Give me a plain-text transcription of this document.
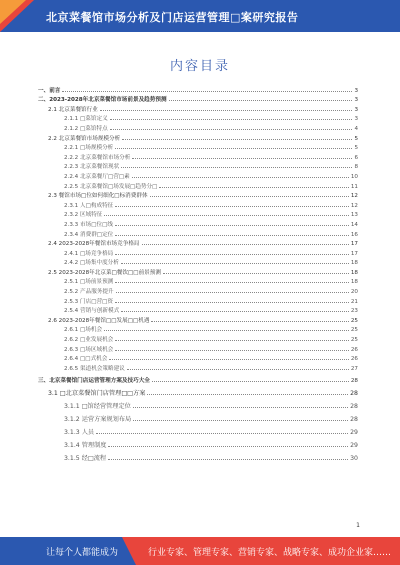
北京菜餐馆市场分析及门店运营管理□案研究报告
内容目录
一、前言	3
二、2023-2028年北京菜餐馆市场前景及趋势预测	3
2.1 北京菜餐馆行业	3
2.1.1 □菜馆定义	3
2.1.2 □菜馆特点	4
2.2 北京菜餐馆市场规模分析	5
2.2.1 □场规模分析	5
2.2.2 北京菜餐馆市场分析	6
2.2.3 北京菜餐馆现状	8
2.2.4 北京菜餐厅□营□素	10
2.2.5 北京菜餐馆□场发展□趋势分□	11
2.3 餐馆市场□位如何细化□标消费群体	12
2.3.1 人□构成特征	12
2.3.2 区域特征	13
2.3.3 市场□位□线	14
2.3.4 消费群□定位	16
2.4 2023-2028年餐馆市场竞争格局	17
2.4.1 □场竞争格局	17
2.4.2 □场集中度分析	18
2.5 2023-2028年北京菜□餐饮□□前景预测	18
2.5.1 □场前景预测	18
2.5.2 产品服务提升	20
2.5.3 门店□营□资	21
2.5.4 营销与创新模式	23
2.6 2023-2028年餐馆□□发展□□机遇	25
2.6.1 □场机会	25
2.6.2 □业发展机会	25
2.6.3 □场区域机会	26
2.6.4 □□式机会	26
2.6.5 渠道机会策略建议	27
三、北京菜餐馆门店运营管理方案及技巧大全	28
3.1 □北京菜餐馆门店管理□□方案	28
3.1.1 □馆经营管理定位	28
3.1.2 运营方案规划布局	28
3.1.3 人员	29
3.1.4 管理制度	29
3.1.5 经□流程	30
1
让每个人都能成为	行业专家、管理专家、营销专家、战略专家、成功企业家……
